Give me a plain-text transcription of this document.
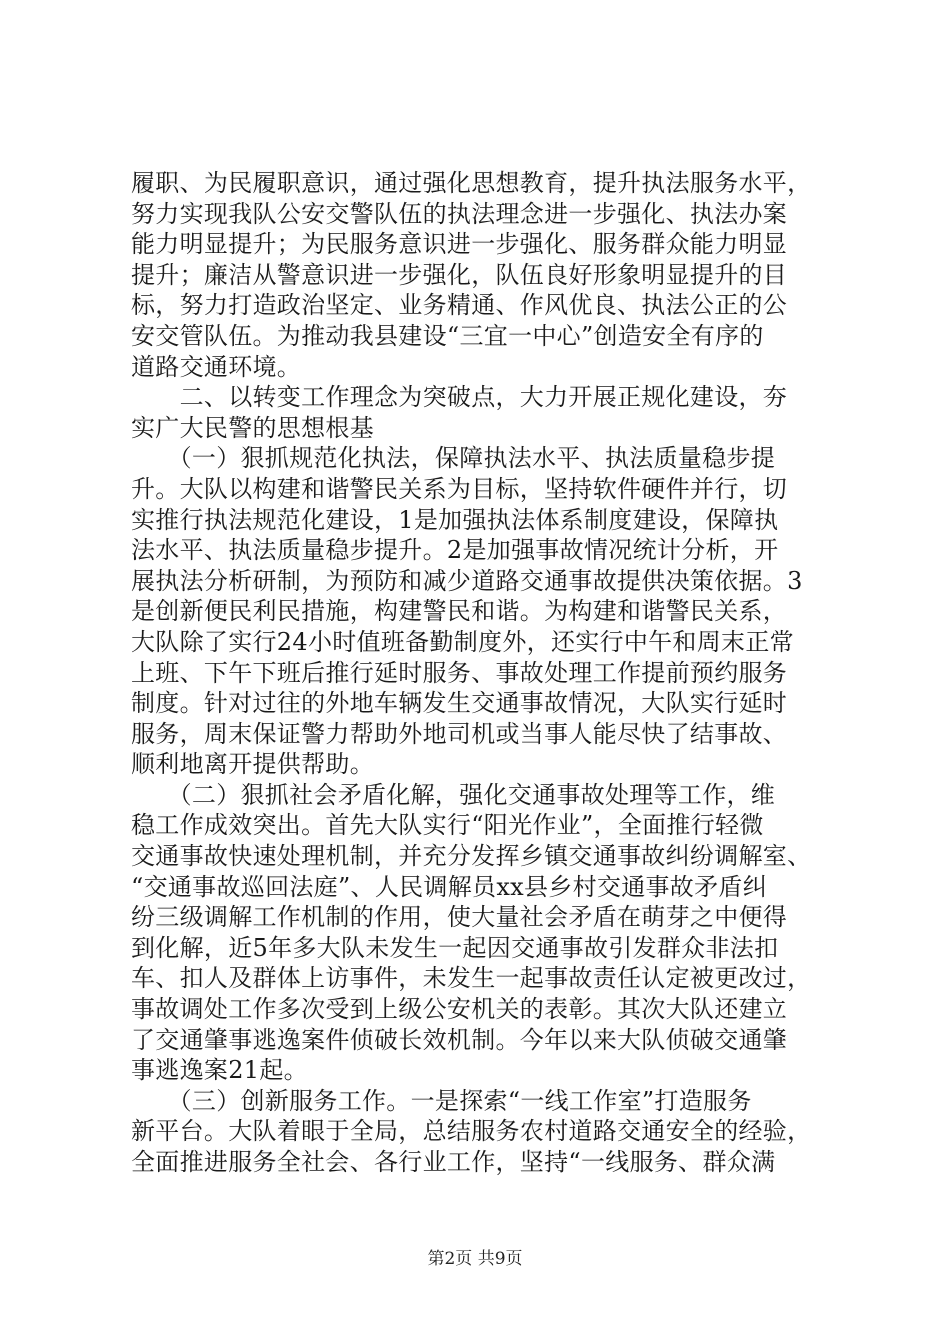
履职、为民履职意识，通过强化思想教育，提升执法服务水平，
努力实现我队公安交警队伍的执法理念进一步强化、执法办案
能力明显提升；为民服务意识进一步强化、服务群众能力明显
提升；廉洁从警意识进一步强化，队伍良好形象明显提升的目
标，努力打造政治坚定、业务精通、作风优良、执法公正的公
安交管队伍。为推动我县建设“三宜一中心”创造安全有序的
道路交通环境。
　　二、以转变工作理念为突破点，大力开展正规化建设，夯
实广大民警的思想根基
　　（一）狠抓规范化执法，保障执法水平、执法质量稳步提
升。大队以构建和谐警民关系为目标，坚持软件硬件并行，切
实推行执法规范化建设，1是加强执法体系制度建设，保障执
法水平、执法质量稳步提升。2是加强事故情况统计分析，开
展执法分析研制，为预防和减少道路交通事故提供决策依据。3
是创新便民利民措施，构建警民和谐。为构建和谐警民关系，
大队除了实行24小时值班备勤制度外，还实行中午和周末正常
上班、下午下班后推行延时服务、事故处理工作提前预约服务
制度。针对过往的外地车辆发生交通事故情况，大队实行延时
服务，周末保证警力帮助外地司机或当事人能尽快了结事故、
顺利地离开提供帮助。
　　（二）狠抓社会矛盾化解，强化交通事故处理等工作，维
稳工作成效突出。首先大队实行“阳光作业”，全面推行轻微
交通事故快速处理机制，并充分发挥乡镇交通事故纠纷调解室、
“交通事故巡回法庭”、人民调解员xx县乡村交通事故矛盾纠
纷三级调解工作机制的作用，使大量社会矛盾在萌芽之中便得
到化解，近5年多大队未发生一起因交通事故引发群众非法扣
车、扣人及群体上访事件，未发生一起事故责任认定被更改过，
事故调处工作多次受到上级公安机关的表彰。其次大队还建立
了交通肇事逃逸案件侦破长效机制。今年以来大队侦破交通肇
事逃逸案21起。
　　（三）创新服务工作。一是探索“一线工作室”打造服务
新平台。大队着眼于全局，总结服务农村道路交通安全的经验，
全面推进服务全社会、各行业工作，坚持“一线服务、群众满
第2页 共9页
